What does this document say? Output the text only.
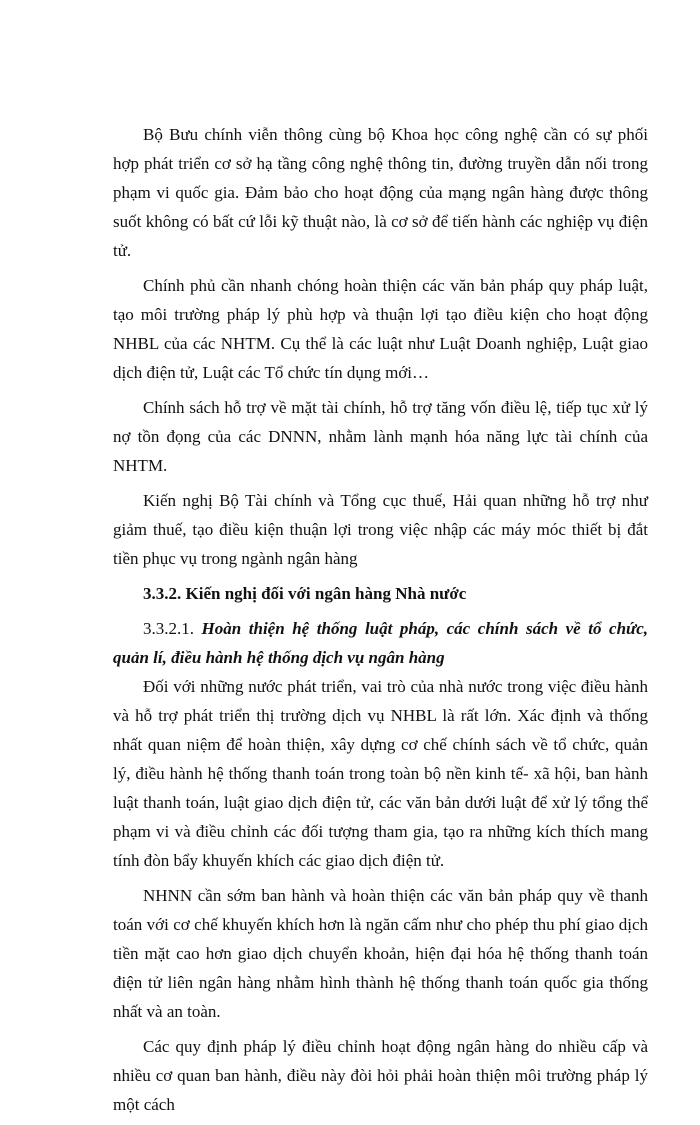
Bộ Bưu chính viễn thông cùng bộ Khoa học công nghệ cần có sự phối hợp phát triển cơ sở hạ tầng công nghệ thông tin, đường truyền dẫn nối trong phạm vi quốc gia. Đảm bảo cho hoạt động của mạng ngân hàng được thông suốt không có bất cứ lỗi kỹ thuật nào, là cơ sở để tiến hành các nghiệp vụ điện tử.

Chính phủ cần nhanh chóng hoàn thiện các văn bản pháp quy pháp luật, tạo môi trường pháp lý phù hợp và thuận lợi tạo điều kiện cho hoạt động NHBL của các NHTM. Cụ thể là các luật như Luật Doanh nghiệp, Luật giao dịch điện tử, Luật các Tổ chức tín dụng mới…

Chính sách hỗ trợ về mặt tài chính, hỗ trợ tăng vốn điều lệ, tiếp tục xử lý nợ tồn đọng của các DNNN, nhằm lành mạnh hóa năng lực tài chính của NHTM.

Kiến nghị Bộ Tài chính và Tổng cục thuế, Hải quan những hỗ trợ như giảm thuế, tạo điều kiện thuận lợi trong việc nhập các máy móc thiết bị đắt tiền phục vụ trong ngành ngân hàng

3.3.2. Kiến nghị đối với ngân hàng Nhà nước

3.3.2.1. Hoàn thiện hệ thống luật pháp, các chính sách về tổ chức, quản lí, điều hành hệ thống dịch vụ ngân hàng

Đối với những nước phát triển, vai trò của nhà nước trong việc điều hành và hỗ trợ phát triển thị trường dịch vụ NHBL là rất lớn. Xác định và thống nhất quan niệm để hoàn thiện, xây dựng cơ chế chính sách về tổ chức, quản lý, điều hành hệ thống thanh toán trong toàn bộ nền kinh tế- xã hội, ban hành luật thanh toán, luật giao dịch điện tử, các văn bản dưới luật để xử lý tổng thể phạm vi và điều chỉnh các đối tượng tham gia, tạo ra những kích thích mang tính đòn bẩy khuyến khích các giao dịch điện tử.

NHNN cần sớm ban hành và hoàn thiện các văn bản pháp quy về thanh toán với cơ chế khuyến khích hơn là ngăn cấm như cho phép thu phí giao dịch tiền mặt cao hơn giao dịch chuyển khoản, hiện đại hóa hệ thống thanh toán điện tử liên ngân hàng nhằm hình thành hệ thống thanh toán quốc gia thống nhất và an toàn.

Các quy định pháp lý điều chỉnh hoạt động ngân hàng do nhiều cấp và nhiều cơ quan ban hành, điều này đòi hỏi phải hoàn thiện môi trường pháp lý một cách
